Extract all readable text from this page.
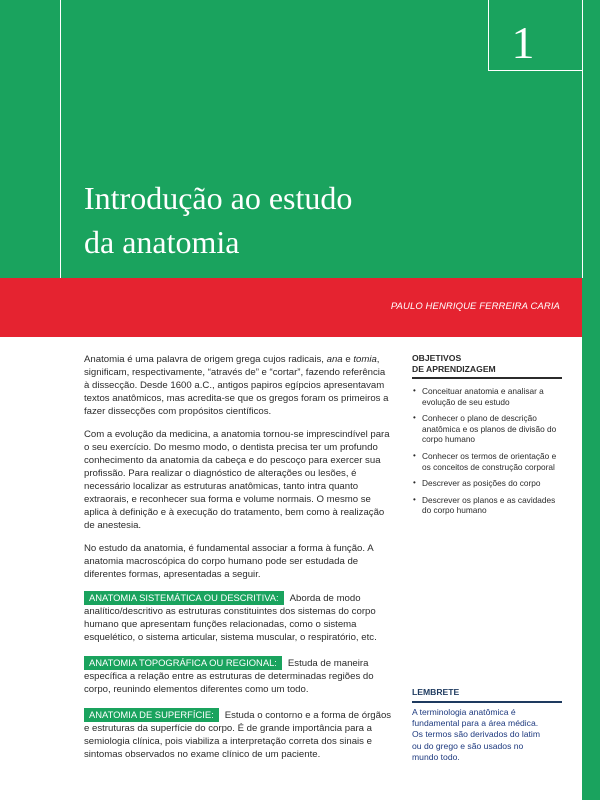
1
Introdução ao estudo
da anatomia
PAULO HENRIQUE FERREIRA CARIA

Anatomia é uma palavra de origem grega cujos radicais, ana e tomia, significam, respectivamente, “através de” e “cortar”, fazendo referência à dissecção. Desde 1600 a.C., antigos papiros egípcios apresentavam textos anatômicos, mas acredita-se que os gregos foram os primeiros a fazer dissecções com propósitos científicos.

Com a evolução da medicina, a anatomia tornou-se imprescindível para o seu exercício. Do mesmo modo, o dentista precisa ter um profundo conhecimento da anatomia da cabeça e do pescoço para exercer sua profissão. Para realizar o diagnóstico de alterações ou lesões, é necessário localizar as estruturas anatômicas, tanto intra quanto extraorais, e reconhecer sua forma e volume normais. O mesmo se aplica à definição e à execução do tratamento, bem como à realização de anestesia.

No estudo da anatomia, é fundamental associar a forma à função. A anatomia macroscópica do corpo humano pode ser estudada de diferentes formas, apresentadas a seguir.

ANATOMIA SISTEMÁTICA OU DESCRITIVA: Aborda de modo analítico/descritivo as estruturas constituintes dos sistemas do corpo humano que apresentam funções relacionadas, como o sistema esquelético, o sistema articular, sistema muscular, o respiratório, etc.
ANATOMIA TOPOGRÁFICA OU REGIONAL: Estuda de maneira específica a relação entre as estruturas de determinadas regiões do corpo, reunindo elementos diferentes como um todo.
ANATOMIA DE SUPERFÍCIE: Estuda o contorno e a forma de órgãos e estruturas da superfície do corpo. É de grande importância para a semiologia clínica, pois viabiliza a interpretação correta dos sinais e sintomas observados no exame clínico de um paciente.
OBJETIVOS
DE APRENDIZAGEM
• Conceituar anatomia e analisar a evolução de seu estudo
• Conhecer o plano de descrição anatômica e os planos de divisão do corpo humano
• Conhecer os termos de orientação e os conceitos de construção corporal
• Descrever as posições do corpo
• Descrever os planos e as cavidades do corpo humano
LEMBRETE
A terminologia anatômica é fundamental para a área médica. Os termos são derivados do latim ou do grego e são usados no mundo todo.
